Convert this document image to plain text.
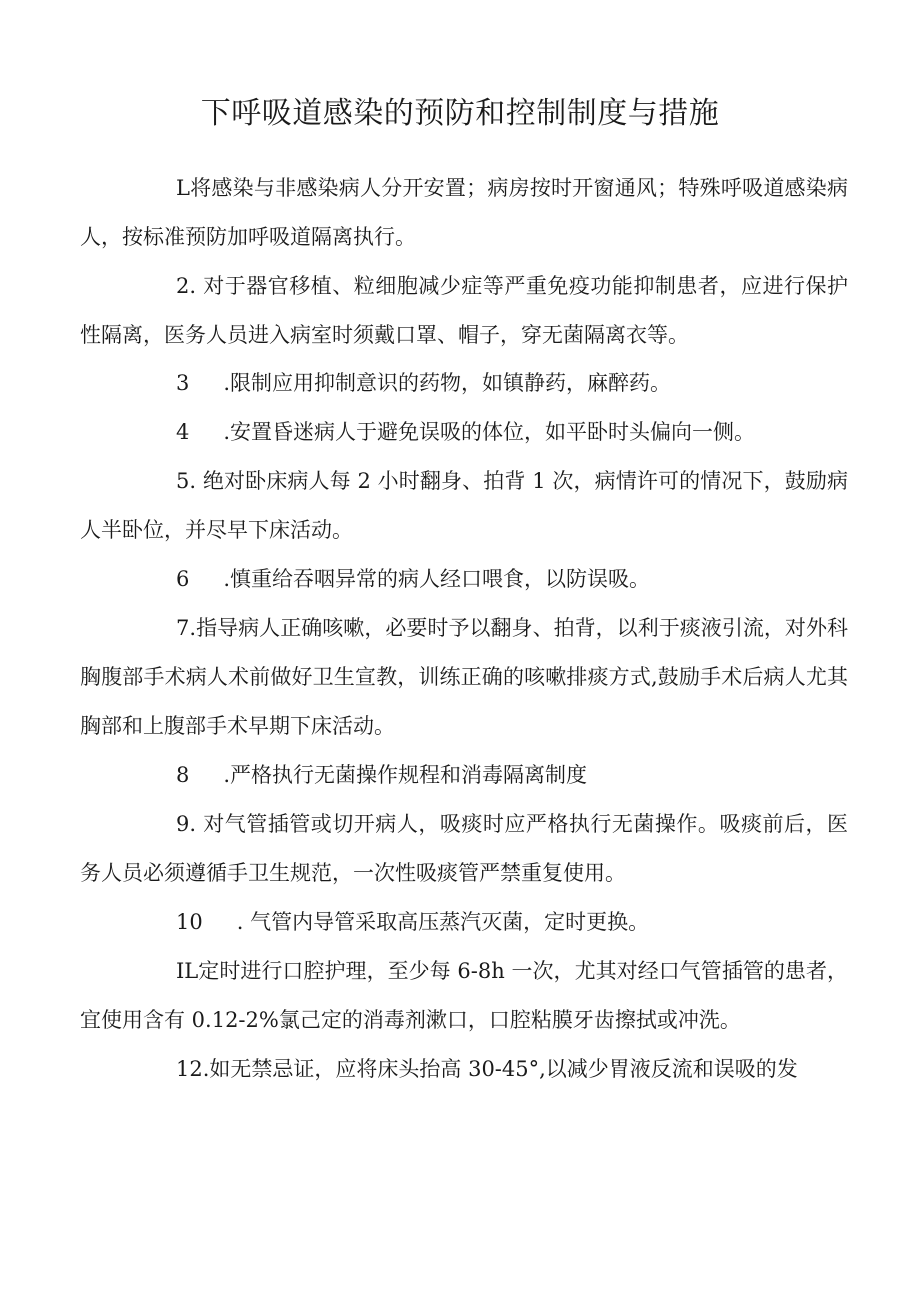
下呼吸道感染的预防和控制制度与措施

L将感染与非感染病人分开安置；病房按时开窗通风；特殊呼吸道感染病人，按标准预防加呼吸道隔离执行。

2. 对于器官移植、粒细胞减少症等严重免疫功能抑制患者，应进行保护性隔离，医务人员进入病室时须戴口罩、帽子，穿无菌隔离衣等。

3 .限制应用抑制意识的药物，如镇静药，麻醉药。

4 .安置昏迷病人于避免误吸的体位，如平卧时头偏向一侧。

5. 绝对卧床病人每 2 小时翻身、拍背 1 次，病情许可的情况下，鼓励病人半卧位，并尽早下床活动。

6 .慎重给吞咽异常的病人经口喂食，以防误吸。

7.指导病人正确咳嗽，必要时予以翻身、拍背，以利于痰液引流，对外科胸腹部手术病人术前做好卫生宣教，训练正确的咳嗽排痰方式,鼓励手术后病人尤其胸部和上腹部手术早期下床活动。

8 .严格执行无菌操作规程和消毒隔离制度

9. 对气管插管或切开病人，吸痰时应严格执行无菌操作。吸痰前后，医务人员必须遵循手卫生规范，一次性吸痰管严禁重复使用。

10 . 气管内导管采取高压蒸汽灭菌，定时更换。

IL定时进行口腔护理，至少每 6-8h 一次，尤其对经口气管插管的患者，宜使用含有 0.12-2%氯己定的消毒剂漱口，口腔粘膜牙齿擦拭或冲洗。

12.如无禁忌证，应将床头抬高 30-45°,以减少胃液反流和误吸的发
